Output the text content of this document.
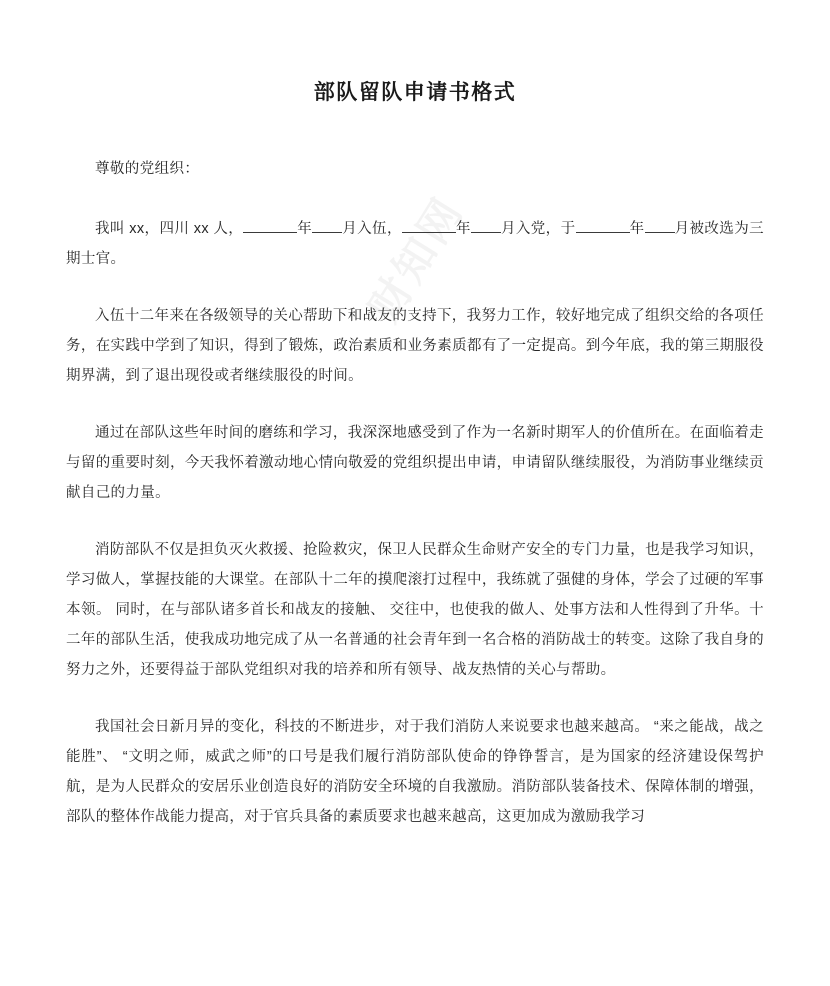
部队留队申请书格式

尊敬的党组织：

我叫 xx，四川 xx 人，	年 月入伍，	年 月入党，于	年 月被改选为三期士官。

入伍十二年来在各级领导的关心帮助下和战友的支持下，我努力工作，较好地完成了组织交给的各项任务，在实践中学到了知识，得到了锻炼，政治素质和业务素质都有了一定提高。到今年底，我的第三期服役期界满，到了退出现役或者继续服役的时间。

通过在部队这些年时间的磨练和学习，我深深地感受到了作为一名新时期军人的价值所在。在面临着走与留的重要时刻，今天我怀着激动地心情向敬爱的党组织提出申请，申请留队继续服役，为消防事业继续贡献自己的力量。

消防部队不仅是担负灭火救援、抢险救灾，保卫人民群众生命财产安全的专门力量，也是我学习知识，学习做人，掌握技能的大课堂。在部队十二年的摸爬滚打过程中，我练就了强健的身体，学会了过硬的军事本领。 同时，在与部队诸多首长和战友的接触、 交往中，也使我的做人、处事方法和人性得到了升华。十二年的部队生活，使我成功地完成了从一名普通的社会青年到一名合格的消防战士的转变。这除了我自身的努力之外，还要得益于部队党组织对我的培养和所有领导、战友热情的关心与帮助。

我国社会日新月异的变化，科技的不断进步，对于我们消防人来说要求也越来越高。 “来之能战，战之能胜”、 “文明之师，威武之师”的口号是我们履行消防部队使命的铮铮誓言，是为国家的经济建设保驾护航，是为人民群众的安居乐业创造良好的消防安全环境的自我激励。消防部队装备技术、保障体制的增强，部队的整体作战能力提高，对于官兵具备的素质要求也越来越高，这更加成为激励我学习
